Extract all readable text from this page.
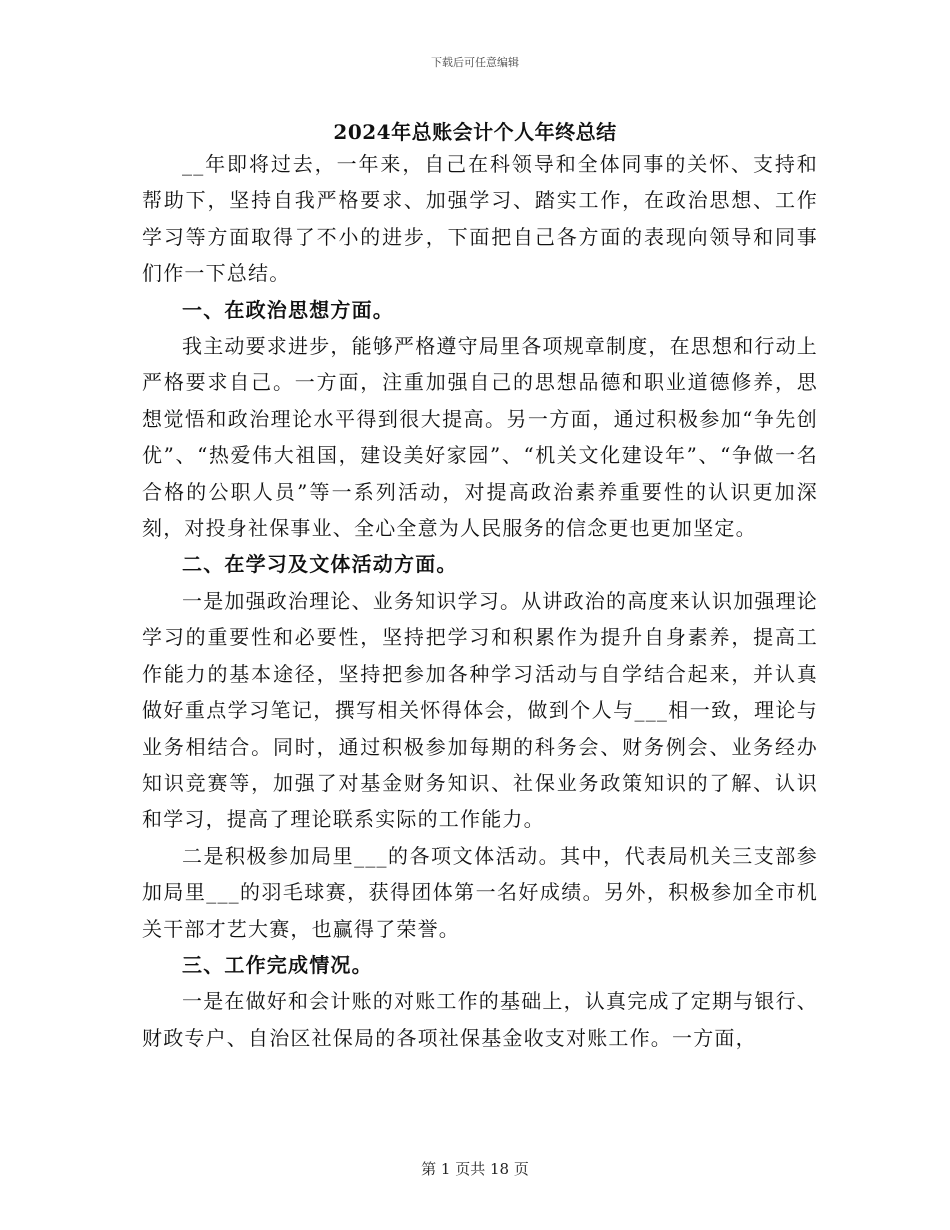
下载后可任意编辑
2024年总账会计个人年终总结

__年即将过去，一年来，自己在科领导和全体同事的关怀、支持和帮助下，坚持自我严格要求、加强学习、踏实工作，在政治思想、工作学习等方面取得了不小的进步，下面把自己各方面的表现向领导和同事们作一下总结。

一、在政治思想方面。

我主动要求进步，能够严格遵守局里各项规章制度，在思想和行动上严格要求自己。一方面，注重加强自己的思想品德和职业道德修养，思想觉悟和政治理论水平得到很大提高。另一方面，通过积极参加“争先创优”、“热爱伟大祖国，建设美好家园”、“机关文化建设年”、“争做一名合格的公职人员”等一系列活动，对提高政治素养重要性的认识更加深刻，对投身社保事业、全心全意为人民服务的信念更也更加坚定。

二、在学习及文体活动方面。

一是加强政治理论、业务知识学习。从讲政治的高度来认识加强理论学习的重要性和必要性，坚持把学习和积累作为提升自身素养，提高工作能力的基本途径，坚持把参加各种学习活动与自学结合起来，并认真做好重点学习笔记，撰写相关怀得体会，做到个人与___相一致，理论与业务相结合。同时，通过积极参加每期的科务会、财务例会、业务经办知识竞赛等，加强了对基金财务知识、社保业务政策知识的了解、认识和学习，提高了理论联系实际的工作能力。

二是积极参加局里___的各项文体活动。其中，代表局机关三支部参加局里___的羽毛球赛，获得团体第一名好成绩。另外，积极参加全市机关干部才艺大赛，也赢得了荣誉。

三、工作完成情况。

一是在做好和会计账的对账工作的基础上，认真完成了定期与银行、财政专户、自治区社保局的各项社保基金收支对账工作。一方面，

第 1 页共 18 页
